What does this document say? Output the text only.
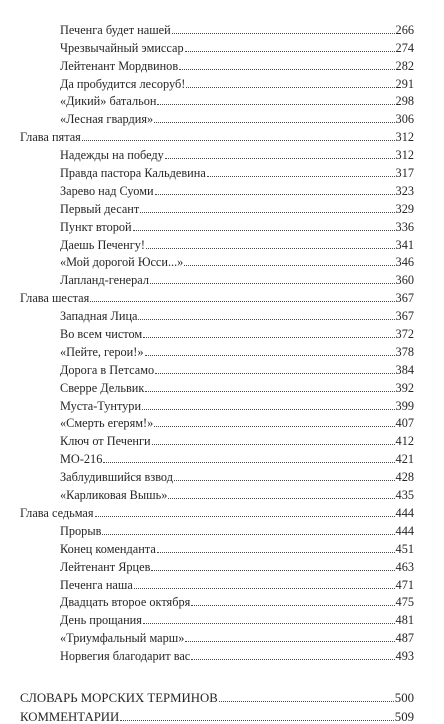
Печенга будет нашей	266
Чрезвычайный эмиссар	274
Лейтенант Мордвинов	282
Да пробудится лесоруб!	291
«Дикий» батальон	298
«Лесная гвардия»	306
Глава пятая	312
Надежды на победу	312
Правда пастора Кальдевина	317
Зарево над Суоми	323
Первый десант	329
Пункт второй	336
Даешь Печенгу!	341
«Мой дорогой Юсси...»	346
Лапланд-генерал	360
Глава шестая	367
Западная Лица	367
Во всем чистом	372
«Пейте, герои!»	378
Дорога в Петсамо	384
Сверре Дельвик	392
Муста-Тунтури	399
«Смерть егерям!»	407
Ключ от Печенги	412
МО-216	421
Заблудившийся взвод	428
«Карликовая Вышь»	435
Глава седьмая	444
Прорыв	444
Конец коменданта	451
Лейтенант Ярцев	463
Печенга наша	471
Двадцать второе октября	475
День прощания	481
«Триумфальный марш»	487
Норвегия благодарит вас	493
СЛОВАРЬ МОРСКИХ ТЕРМИНОВ	500
КОММЕНТАРИИ	509
